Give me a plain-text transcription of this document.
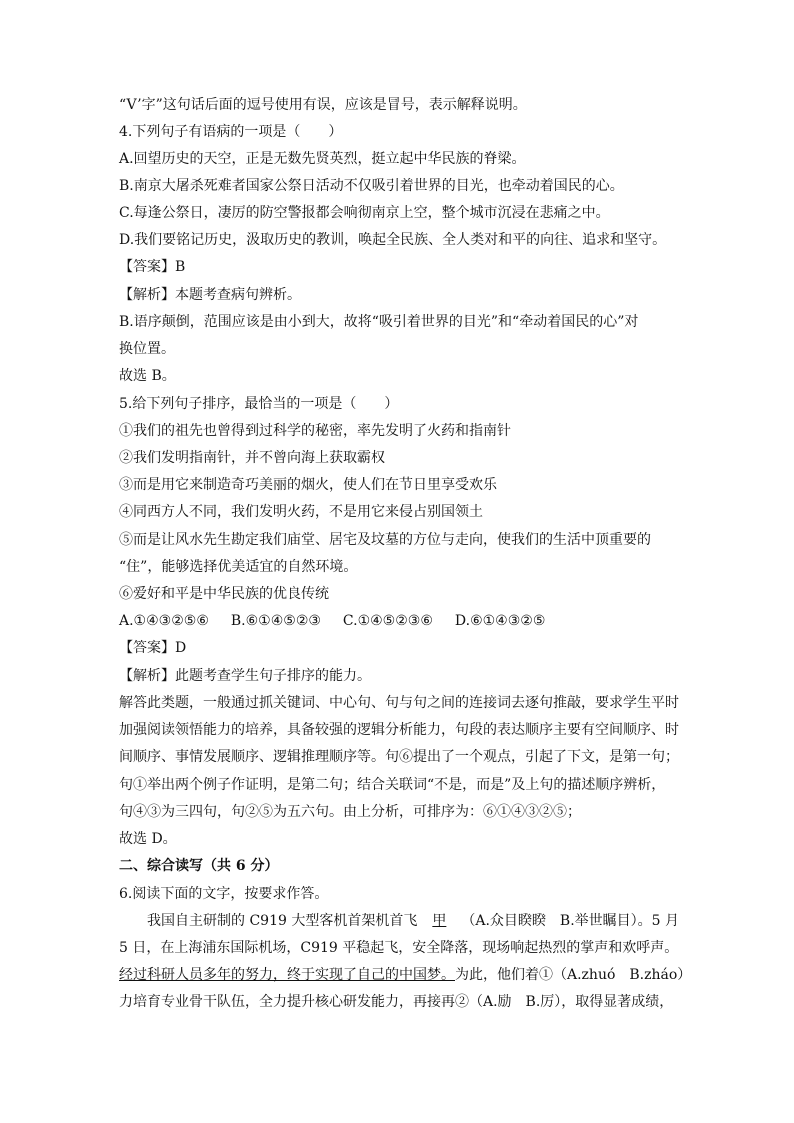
“V’字”这句话后面的逗号使用有误，应该是冒号，表示解释说明。
4.下列句子有语病的一项是（　　）
A.回望历史的天空，正是无数先贤英烈，挺立起中华民族的脊梁。
B.南京大屠杀死难者国家公祭日活动不仅吸引着世界的目光，也牵动着国民的心。
C.每逢公祭日，凄厉的防空警报都会响彻南京上空，整个城市沉浸在悲痛之中。
D.我们要铭记历史，汲取历史的教训，唤起全民族、全人类对和平的向往、追求和坚守。
【答案】B
【解析】本题考查病句辨析。
B.语序颠倒，范围应该是由小到大，故将“吸引着世界的目光”和“牵动着国民的心”对
换位置。
故选 B。
5.给下列句子排序，最恰当的一项是（　　）
①我们的祖先也曾得到过科学的秘密，率先发明了火药和指南针
②我们发明指南针，并不曾向海上获取霸权
③而是用它来制造奇巧美丽的烟火，使人们在节日里享受欢乐
④同西方人不同，我们发明火药，不是用它来侵占别国领土
⑤而是让风水先生勘定我们庙堂、居宅及坟墓的方位与走向，使我们的生活中顶重要的
“住”，能够选择优美适宜的自然环境。
⑥爱好和平是中华民族的优良传统
A.①④③②⑤⑥ B.⑥①④⑤②③ C.①④⑤②③⑥ D.⑥①④③②⑤
【答案】D
【解析】此题考查学生句子排序的能力。
解答此类题，一般通过抓关键词、中心句、句与句之间的连接词去逐句推敲，要求学生平时
加强阅读领悟能力的培养，具备较强的逻辑分析能力，句段的表达顺序主要有空间顺序、时
间顺序、事情发展顺序、逻辑推理顺序等。句⑥提出了一个观点，引起了下文，是第一句；
句①举出两个例子作证明，是第二句；结合关联词“不是，而是”及上句的描述顺序辨析，
句④③为三四句，句②⑤为五六句。由上分析，可排序为：⑥①④③②⑤；
故选 D。
二、综合读写（共 6 分）
6.阅读下面的文字，按要求作答。
我国自主研制的 C919 大型客机首架机首飞 甲 （A.众目睽睽　B.举世瞩目）。5 月
5 日，在上海浦东国际机场，C919 平稳起飞，安全降落，现场响起热烈的掌声和欢呼声。
经过科研人员多年的努力，终于实现了自己的中国梦。为此，他们着①（A.zhuó　B.zháo）
力培育专业骨干队伍，全力提升核心研发能力，再接再②（A.励　B.厉），取得显著成绩，
